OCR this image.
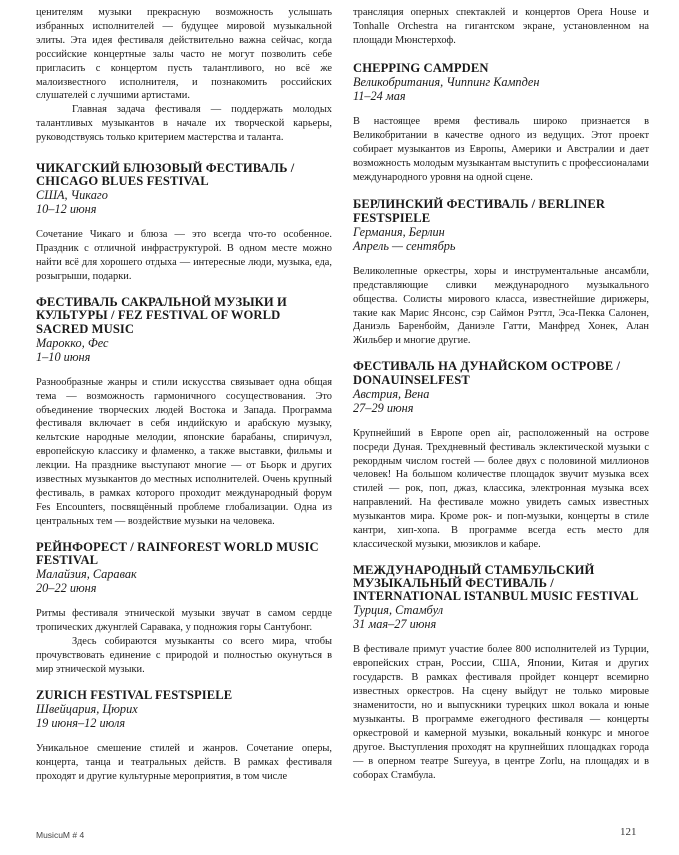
ценителям музыки прекрасную возможность услышать избранных исполнителей — будущее мировой музыкальной элиты. Эта идея фестиваля действительно важна сейчас, когда российские концертные залы часто не могут позволить себе пригласить с концертом пусть талантливого, но всё же малоизвестного исполнителя, и познакомить российских слушателей с лучшими артистами.

Главная задача фестиваля — поддержать молодых талантливых музыкантов в начале их творческой карьеры, руководствуясь только критерием мастерства и таланта.

ЧИКАГСКИЙ БЛЮЗОВЫЙ ФЕСТИВАЛЬ / CHICAGO BLUES FESTIVAL
США, Чикаго
10–12 июня

Сочетание Чикаго и блюза — это всегда что-то особенное. Праздник с отличной инфраструктурой. В одном месте можно найти всё для хорошего отдыха — интересные люди, музыка, еда, розыгрыши, подарки.

ФЕСТИВАЛЬ САКРАЛЬНОЙ МУЗЫКИ И КУЛЬТУРЫ / FEZ FESTIVAL OF WORLD SACRED MUSIC
Марокко, Фес
1–10 июня

Разнообразные жанры и стили искусства связывает одна общая тема — возможность гармоничного сосуществования. Это объединение творческих людей Востока и Запада. Программа фестиваля включает в себя индийскую и арабскую музыку, кельтские народные мелодии, японские барабаны, спиричуэл, европейскую классику и фламенко, а также выставки, фильмы и лекции. На празднике выступают многие — от Бьорк и других известных музыкантов до местных исполнителей. Очень крупный фестиваль, в рамках которого проходит международный форум Fes Encounters, посвящённый проблеме глобализации. Одна из центральных тем — воздействие музыки на человека.

РЕЙНФОРЕСТ / RAINFOREST WORLD MUSIC FESTIVAL
Малайзия, Саравак
20–22 июня

Ритмы фестиваля этнической музыки звучат в самом сердце тропических джунглей Саравака, у подножия горы Сантубонг.

Здесь собираются музыканты со всего мира, чтобы прочувствовать единение с природой и полностью окунуться в мир этнической музыки.

ZURICH FESTIVAL FESTSPIELE
Швейцария, Цюрих
19 июня–12 июля

Уникальное смешение стилей и жанров. Сочетание оперы, концерта, танца и театральных действ. В рамках фестиваля проходят и другие культурные мероприятия, в том числе

трансляция оперных спектаклей и концертов Opera House и Tonhalle Orchestra на гигантском экране, установленном на площади Мюнстерхоф.

CHEPPING CAMPDEN
Великобритания, Чиппинг Кампден
11–24 мая

В настоящее время фестиваль широко признается в Великобритании в качестве одного из ведущих. Этот проект собирает музыкантов из Европы, Америки и Австралии и дает возможность молодым музыкантам выступить с профессионалами международного уровня на одной сцене.

БЕРЛИНСКИЙ ФЕСТИВАЛЬ / BERLINER FESTSPIELE
Германия, Берлин
Апрель — сентябрь

Великолепные оркестры, хоры и инструментальные ансамбли, представляющие сливки международного музыкального общества. Солисты мирового класса, известнейшие дирижеры, такие как Марис Янсонс, сэр Саймон Рэттл, Эса-Пекка Салонен, Даниэль Баренбойм, Даниэле Гатти, Манфред Хонек, Алан Жильбер и многие другие.

ФЕСТИВАЛЬ НА ДУНАЙСКОМ ОСТРОВЕ / DONAUINSELFEST
Австрия, Вена
27–29 июня

Крупнейший в Европе open air, расположенный на острове посреди Дуная. Трехдневный фестиваль эклектической музыки с рекордным числом гостей — более двух с половиной миллионов человек! На большом количестве площадок звучит музыка всех стилей — рок, поп, джаз, классика, электронная музыка всех направлений. На фестивале можно увидеть самых известных музыкантов мира. Кроме рок- и поп-музыки, концерты в стиле кантри, хип-хопа. В программе всегда есть место для классической музыки, мюзиклов и кабаре.

МЕЖДУНАРОДНЫЙ СТАМБУЛЬСКИЙ МУЗЫКАЛЬНЫЙ ФЕСТИВАЛЬ / INTERNATIONAL ISTANBUL MUSIC FESTIVAL
Турция, Стамбул
31 мая–27 июня

В фестивале примут участие более 800 исполнителей из Турции, европейских стран, России, США, Японии, Китая и других государств. В рамках фестиваля пройдет концерт всемирно известных оркестров. На сцену выйдут не только мировые знаменитости, но и выпускники турецких школ вокала и юные музыканты. В программе ежегодного фестиваля — концерты оркестровой и камерной музыки, вокальный конкурс и многое другое. Выступления проходят на крупнейших площадках города — в оперном театре Sureyya, в центре Zorlu, на площадях и в соборах Стамбула.

MusicuM # 4	121
